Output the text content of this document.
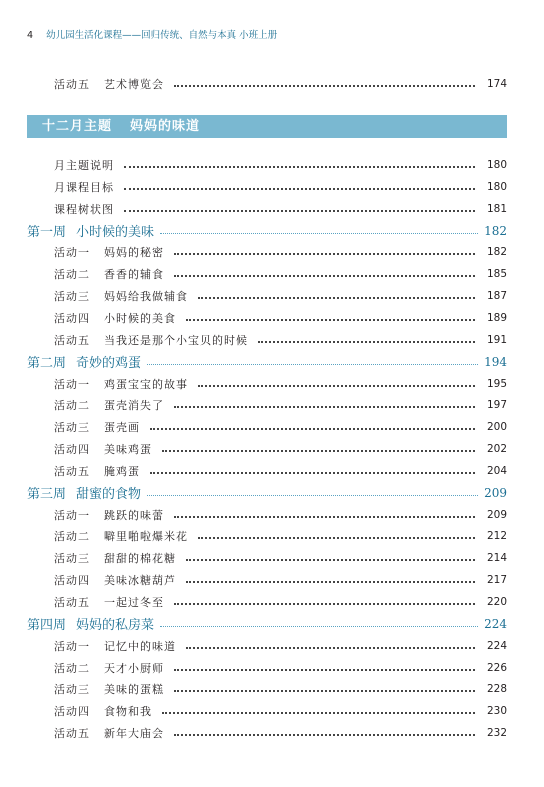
4 幼儿园生活化课程——回归传统、自然与本真 小班上册
活动五	艺术博览会	174
十二月主题 妈妈的味道
月主题说明	180
月课程目标	180
课程树状图	181
第一周 小时候的美味	182
活动一	妈妈的秘密	182
活动二	香香的辅食	185
活动三	妈妈给我做辅食	187
活动四	小时候的美食	189
活动五	当我还是那个小宝贝的时候	191
第二周 奇妙的鸡蛋	194
活动一	鸡蛋宝宝的故事	195
活动二	蛋壳消失了	197
活动三	蛋壳画	200
活动四	美味鸡蛋	202
活动五	腌鸡蛋	204
第三周 甜蜜的食物	209
活动一	跳跃的味蕾	209
活动二	噼里啪啦爆米花	212
活动三	甜甜的棉花糖	214
活动四	美味冰糖葫芦	217
活动五	一起过冬至	220
第四周 妈妈的私房菜	224
活动一	记忆中的味道	224
活动二	天才小厨师	226
活动三	美味的蛋糕	228
活动四	食物和我	230
活动五	新年大庙会	232
